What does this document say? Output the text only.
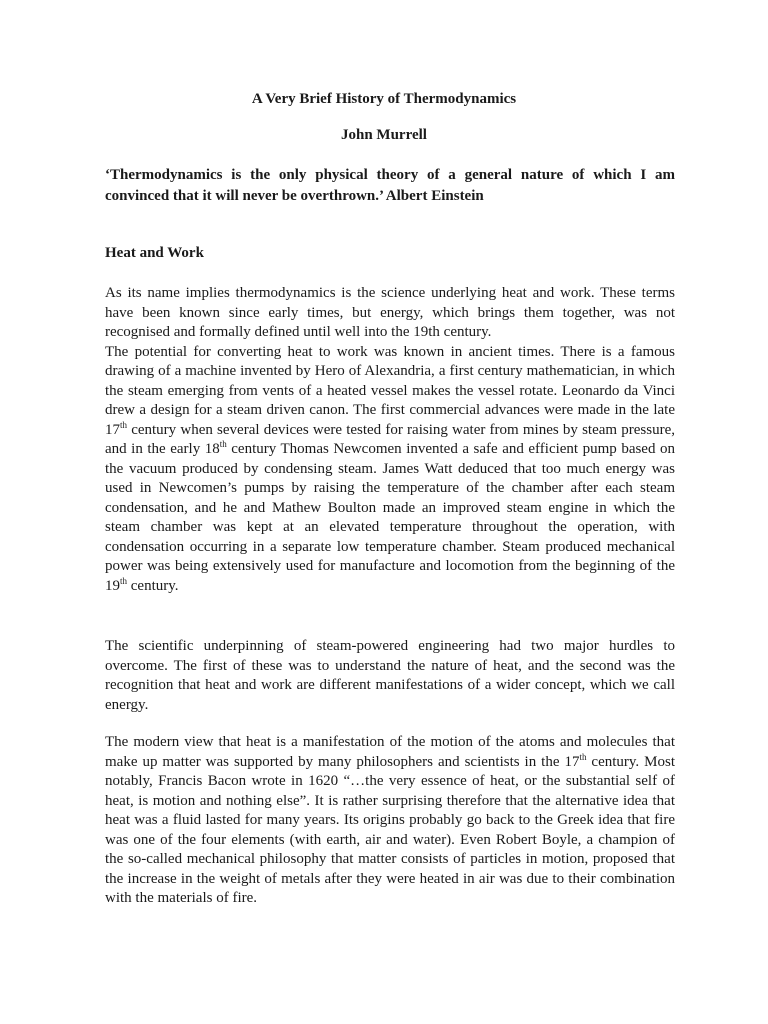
A Very Brief History of Thermodynamics
John Murrell

‘Thermodynamics is the only physical theory of a general nature of which I am convinced that it will never be overthrown.’ Albert Einstein

Heat and Work

As its name implies thermodynamics is the science underlying heat and work. These terms have been known since early times, but energy, which brings them together, was not recognised and formally defined until well into the 19th century.

The potential for converting heat to work was known in ancient times. There is a famous drawing of a machine invented by Hero of Alexandria, a first century mathematician, in which the steam emerging from vents of a heated vessel makes the vessel rotate. Leonardo da Vinci drew a design for a steam driven canon. The first commercial advances were made in the late 17th century when several devices were tested for raising water from mines by steam pressure, and in the early 18th century Thomas Newcomen invented a safe and efficient pump based on the vacuum produced by condensing steam. James Watt deduced that too much energy was used in Newcomen’s pumps by raising the temperature of the chamber after each steam condensation, and he and Mathew Boulton made an improved steam engine in which the steam chamber was kept at an elevated temperature throughout the operation, with condensation occurring in a separate low temperature chamber. Steam produced mechanical power was being extensively used for manufacture and locomotion from the beginning of the 19th century.

The scientific underpinning of steam-powered engineering had two major hurdles to overcome. The first of these was to understand the nature of heat, and the second was the recognition that heat and work are different manifestations of a wider concept, which we call energy.

The modern view that heat is a manifestation of the motion of the atoms and molecules that make up matter was supported by many philosophers and scientists in the 17th century. Most notably, Francis Bacon wrote in 1620 “…the very essence of heat, or the substantial self of heat, is motion and nothing else”. It is rather surprising therefore that the alternative idea that heat was a fluid lasted for many years. Its origins probably go back to the Greek idea that fire was one of the four elements (with earth, air and water). Even Robert Boyle, a champion of the so-called mechanical philosophy that matter consists of particles in motion, proposed that the increase in the weight of metals after they were heated in air was due to their combination with the materials of fire.
